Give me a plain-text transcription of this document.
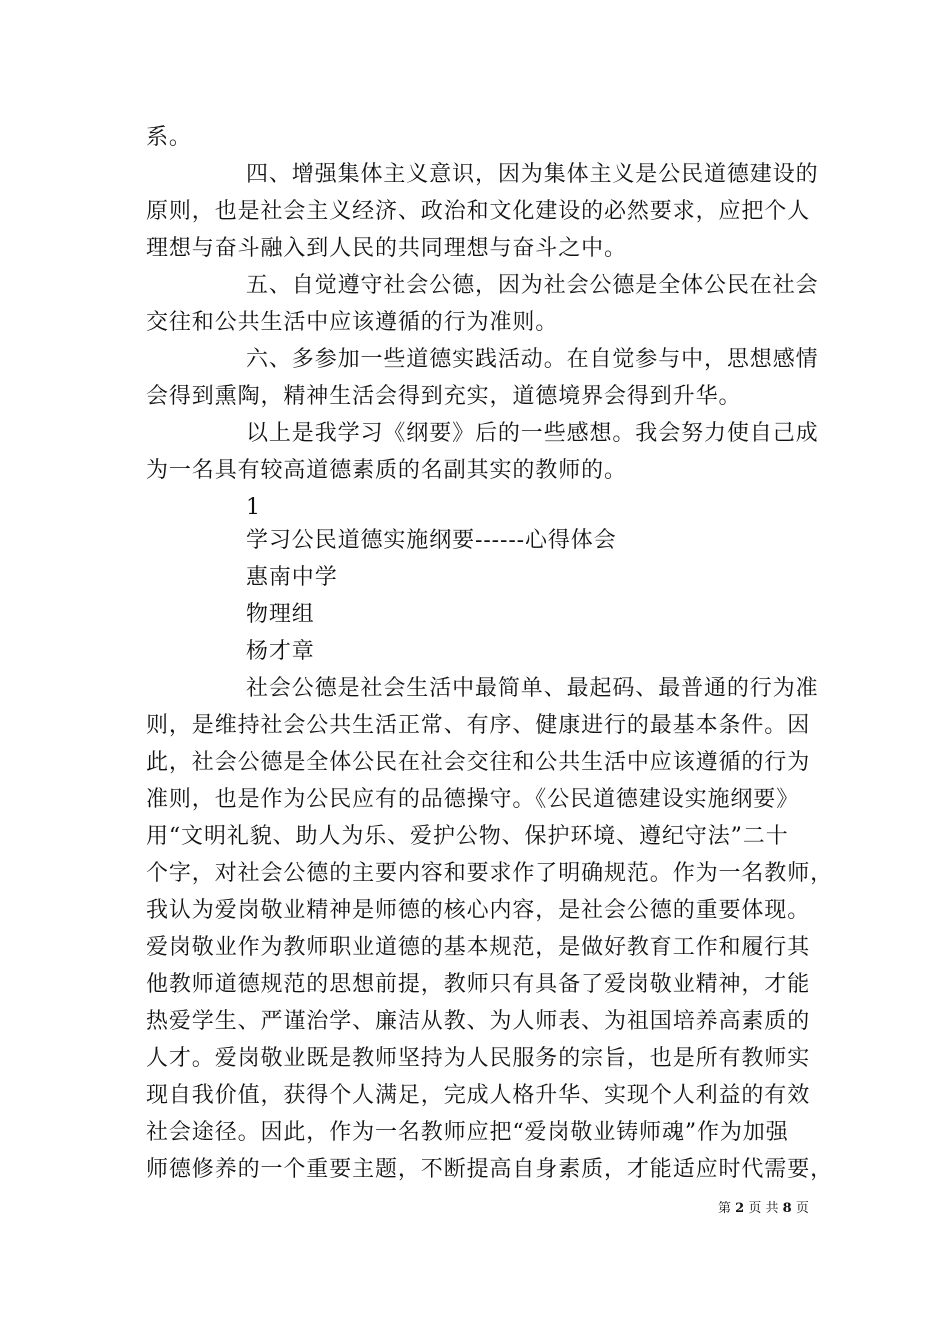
系。
四、增强集体主义意识，因为集体主义是公民道德建设的
原则，也是社会主义经济、政治和文化建设的必然要求，应把个人
理想与奋斗融入到人民的共同理想与奋斗之中。
五、自觉遵守社会公德，因为社会公德是全体公民在社会
交往和公共生活中应该遵循的行为准则。
六、多参加一些道德实践活动。在自觉参与中，思想感情
会得到熏陶，精神生活会得到充实，道德境界会得到升华。
以上是我学习《纲要》后的一些感想。我会努力使自己成
为一名具有较高道德素质的名副其实的教师的。
1
学习公民道德实施纲要------心得体会
惠南中学
物理组
杨才章
社会公德是社会生活中最简单、最起码、最普通的行为准
则，是维持社会公共生活正常、有序、健康进行的最基本条件。因
此，社会公德是全体公民在社会交往和公共生活中应该遵循的行为
准则，也是作为公民应有的品德操守。《公民道德建设实施纲要》
用“文明礼貌、助人为乐、爱护公物、保护环境、遵纪守法”二十
个字，对社会公德的主要内容和要求作了明确规范。作为一名教师，
我认为爱岗敬业精神是师德的核心内容，是社会公德的重要体现。
爱岗敬业作为教师职业道德的基本规范，是做好教育工作和履行其
他教师道德规范的思想前提，教师只有具备了爱岗敬业精神，才能
热爱学生、严谨治学、廉洁从教、为人师表、为祖国培养高素质的
人才。爱岗敬业既是教师坚持为人民服务的宗旨，也是所有教师实
现自我价值，获得个人满足，完成人格升华、实现个人利益的有效
社会途径。因此，作为一名教师应把“爱岗敬业铸师魂”作为加强
师德修养的一个重要主题，不断提高自身素质，才能适应时代需要，
第 2 页 共 8 页
